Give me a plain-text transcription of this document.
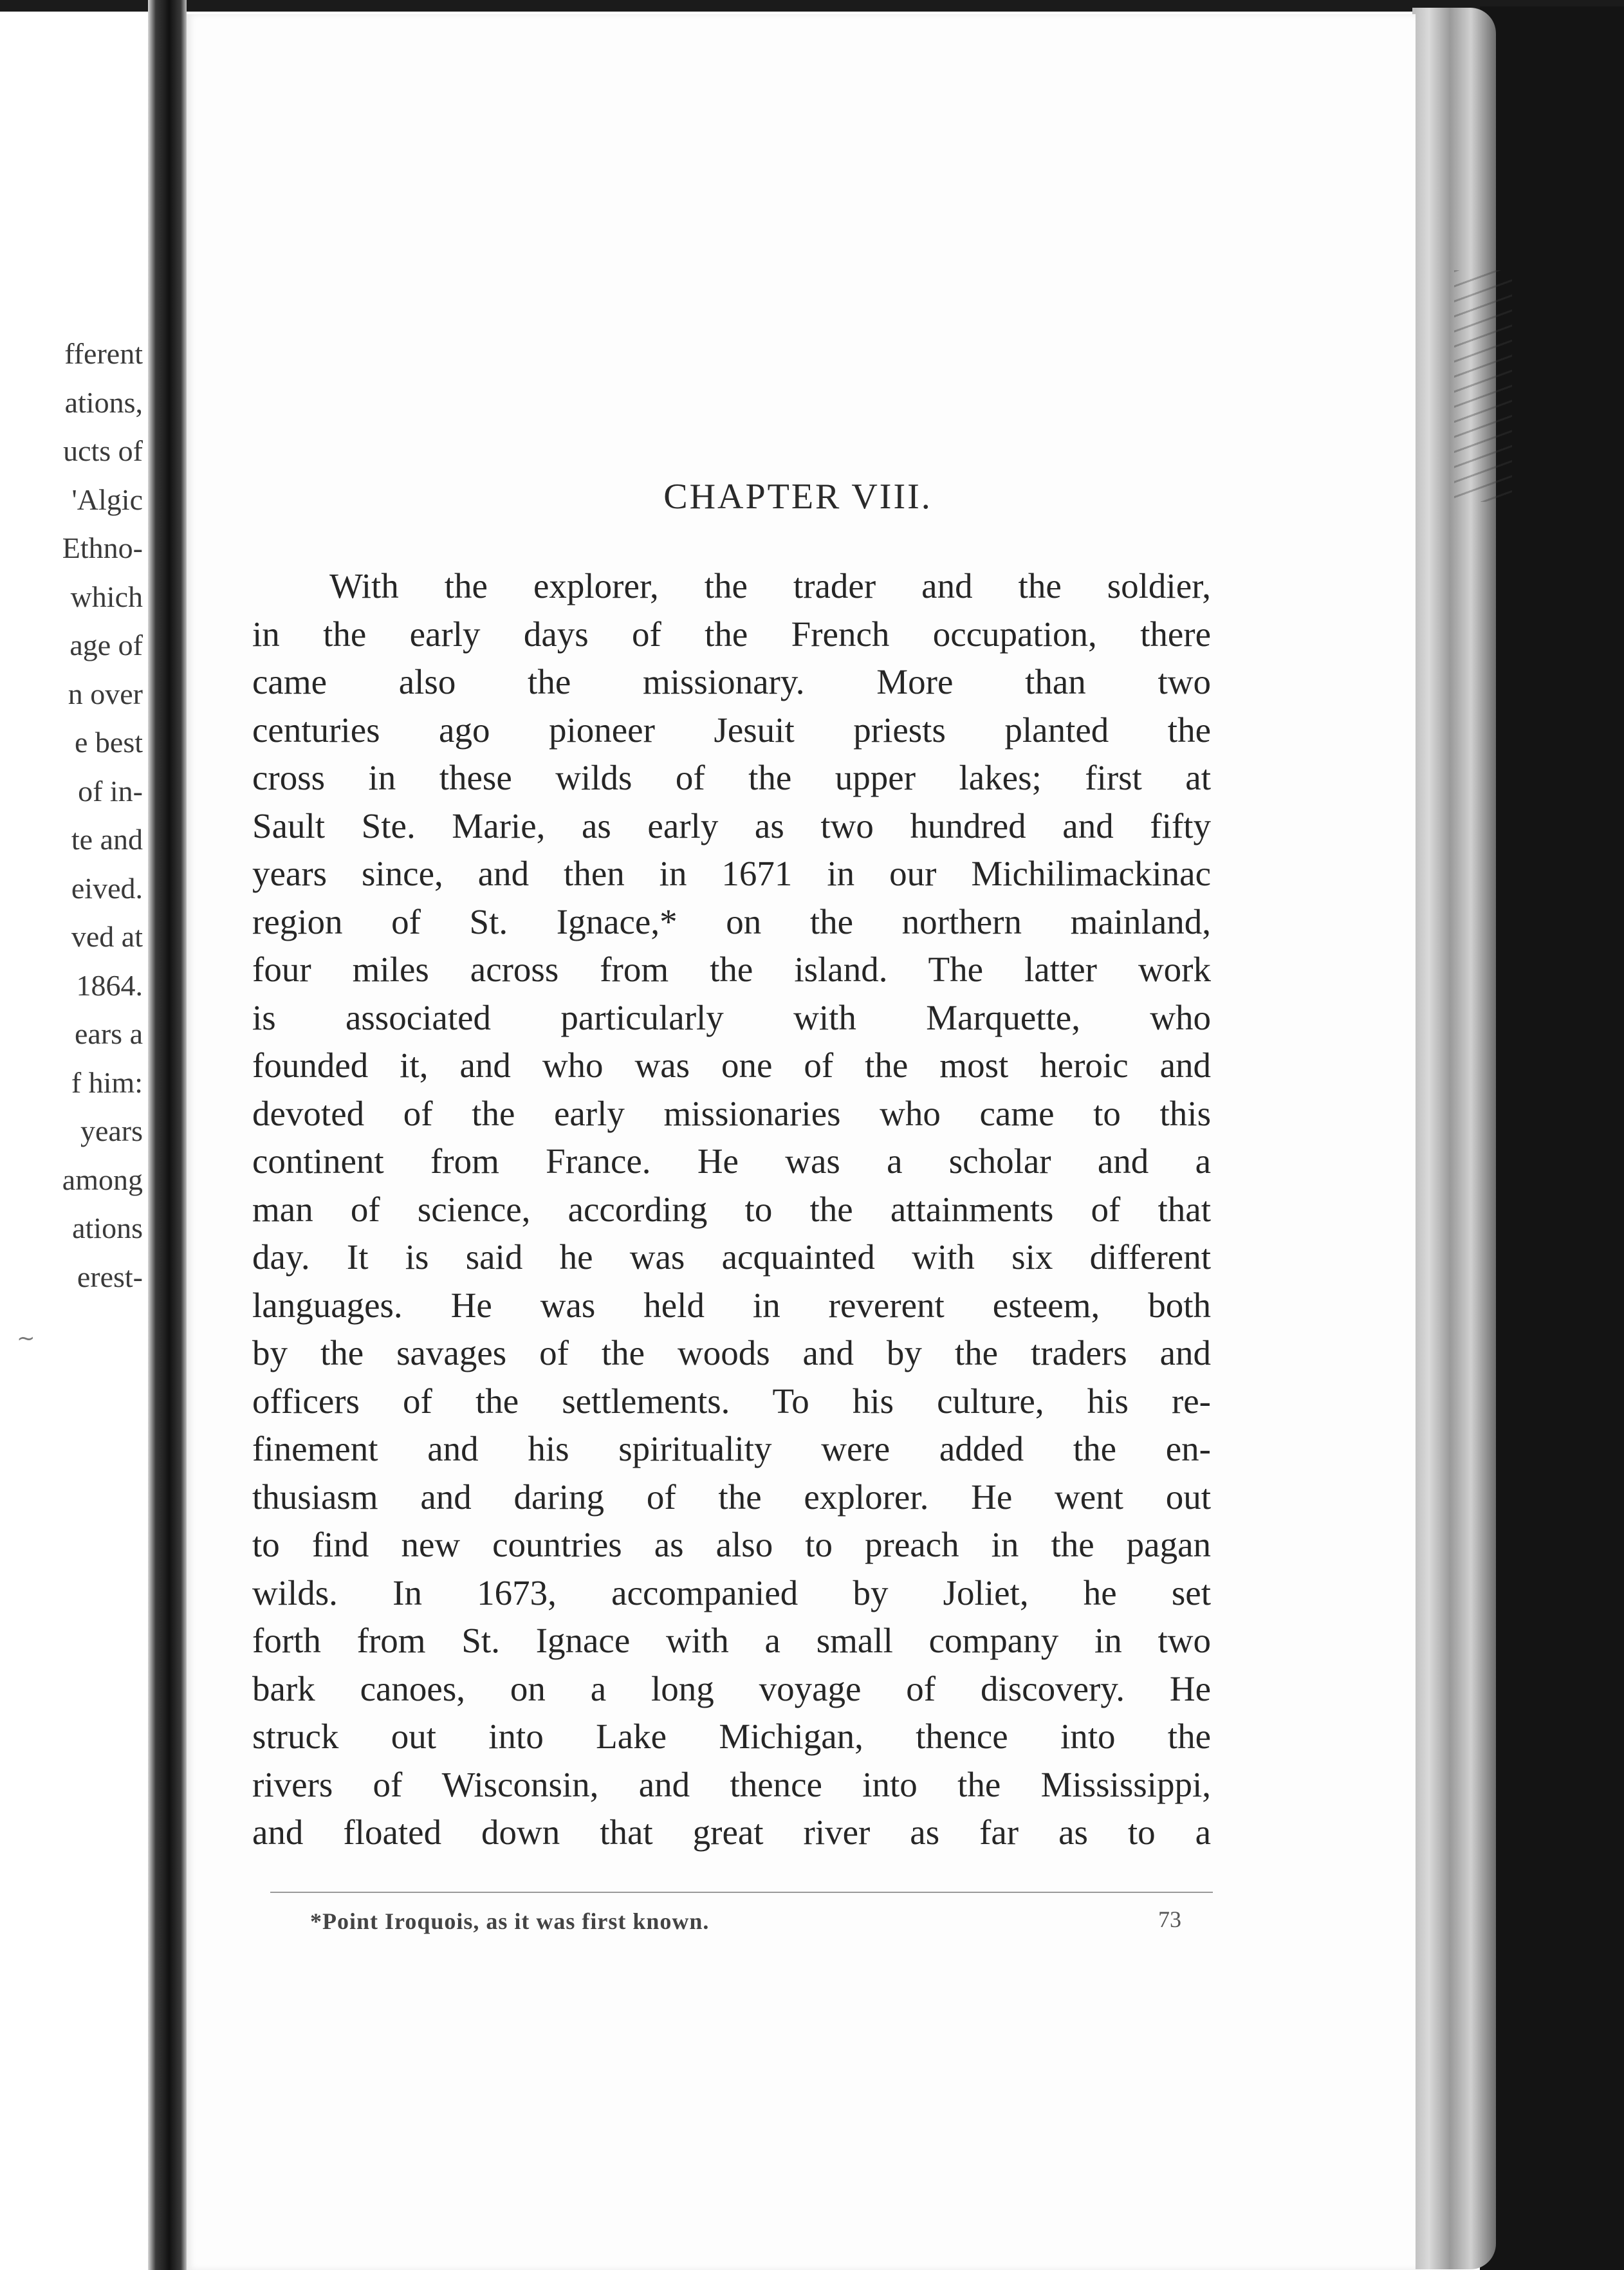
fferent
ations,
ucts of
'Algic
Ethno-
which
age of
n over
e best
of in-
te and
eived.
ved at
1864.
ears a
f him:
years
among
ations
erest-
~
CHAPTER VIII.
With the explorer, the trader and the soldier,
in the early days of the French occupation, there
came also the missionary. More than two
centuries ago pioneer Jesuit priests planted the
cross in these wilds of the upper lakes; first at
Sault Ste. Marie, as early as two hundred and fifty
years since, and then in 1671 in our Michilimackinac
region of St. Ignace,* on the northern mainland,
four miles across from the island. The latter work
is associated particularly with Marquette, who
founded it, and who was one of the most heroic and
devoted of the early missionaries who came to this
continent from France. He was a scholar and a
man of science, according to the attainments of that
day. It is said he was acquainted with six different
languages. He was held in reverent esteem, both
by the savages of the woods and by the traders and
officers of the settlements. To his culture, his re-
finement and his spirituality were added the en-
thusiasm and daring of the explorer. He went out
to find new countries as also to preach in the pagan
wilds. In 1673, accompanied by Joliet, he set
forth from St. Ignace with a small company in two
bark canoes, on a long voyage of discovery. He
struck out into Lake Michigan, thence into the
rivers of Wisconsin, and thence into the Mississippi,
and floated down that great river as far as to a
*Point Iroquois, as it was first known.	73
